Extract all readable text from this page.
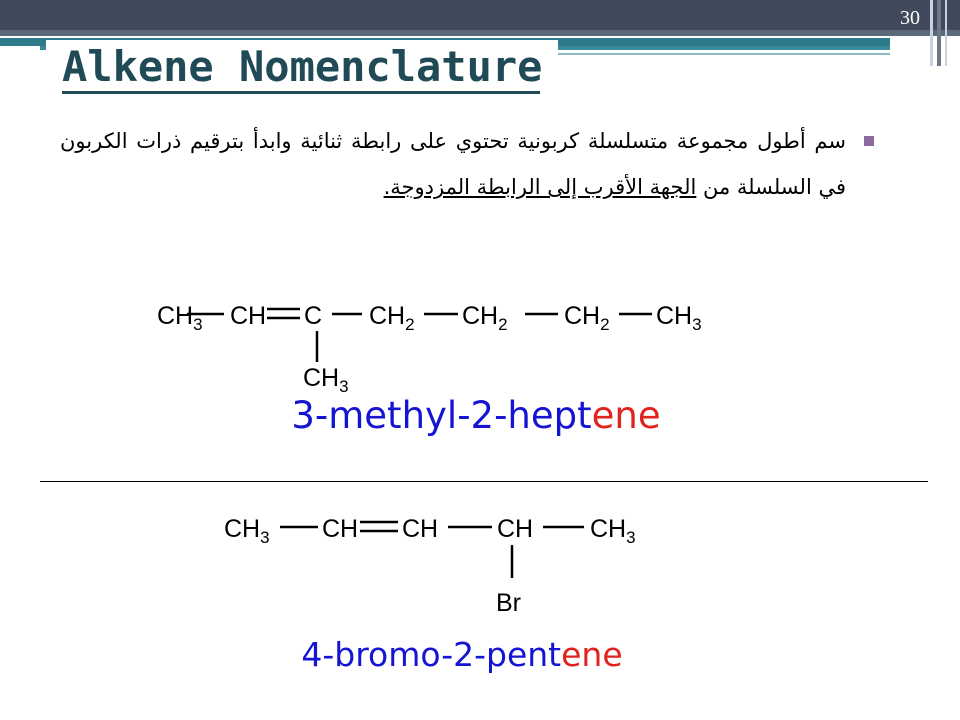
30
Alkene Nomenclature
سم أطول مجموعة متسلسلة كربونية تحتوي على رابطة ثنائية وابدأ بترقيم ذرات الكربون في السلسلة من الجهة الأقرب إلى الرابطة المزدوجة.
$CH_3$ CH C $CH_2$ $CH_2$ $CH_2$ $CH_3$
$CH_3$
3-methyl-2-heptene
$CH_3$ CH CH CH $CH_3$
Br
4-bromo-2-pentene
